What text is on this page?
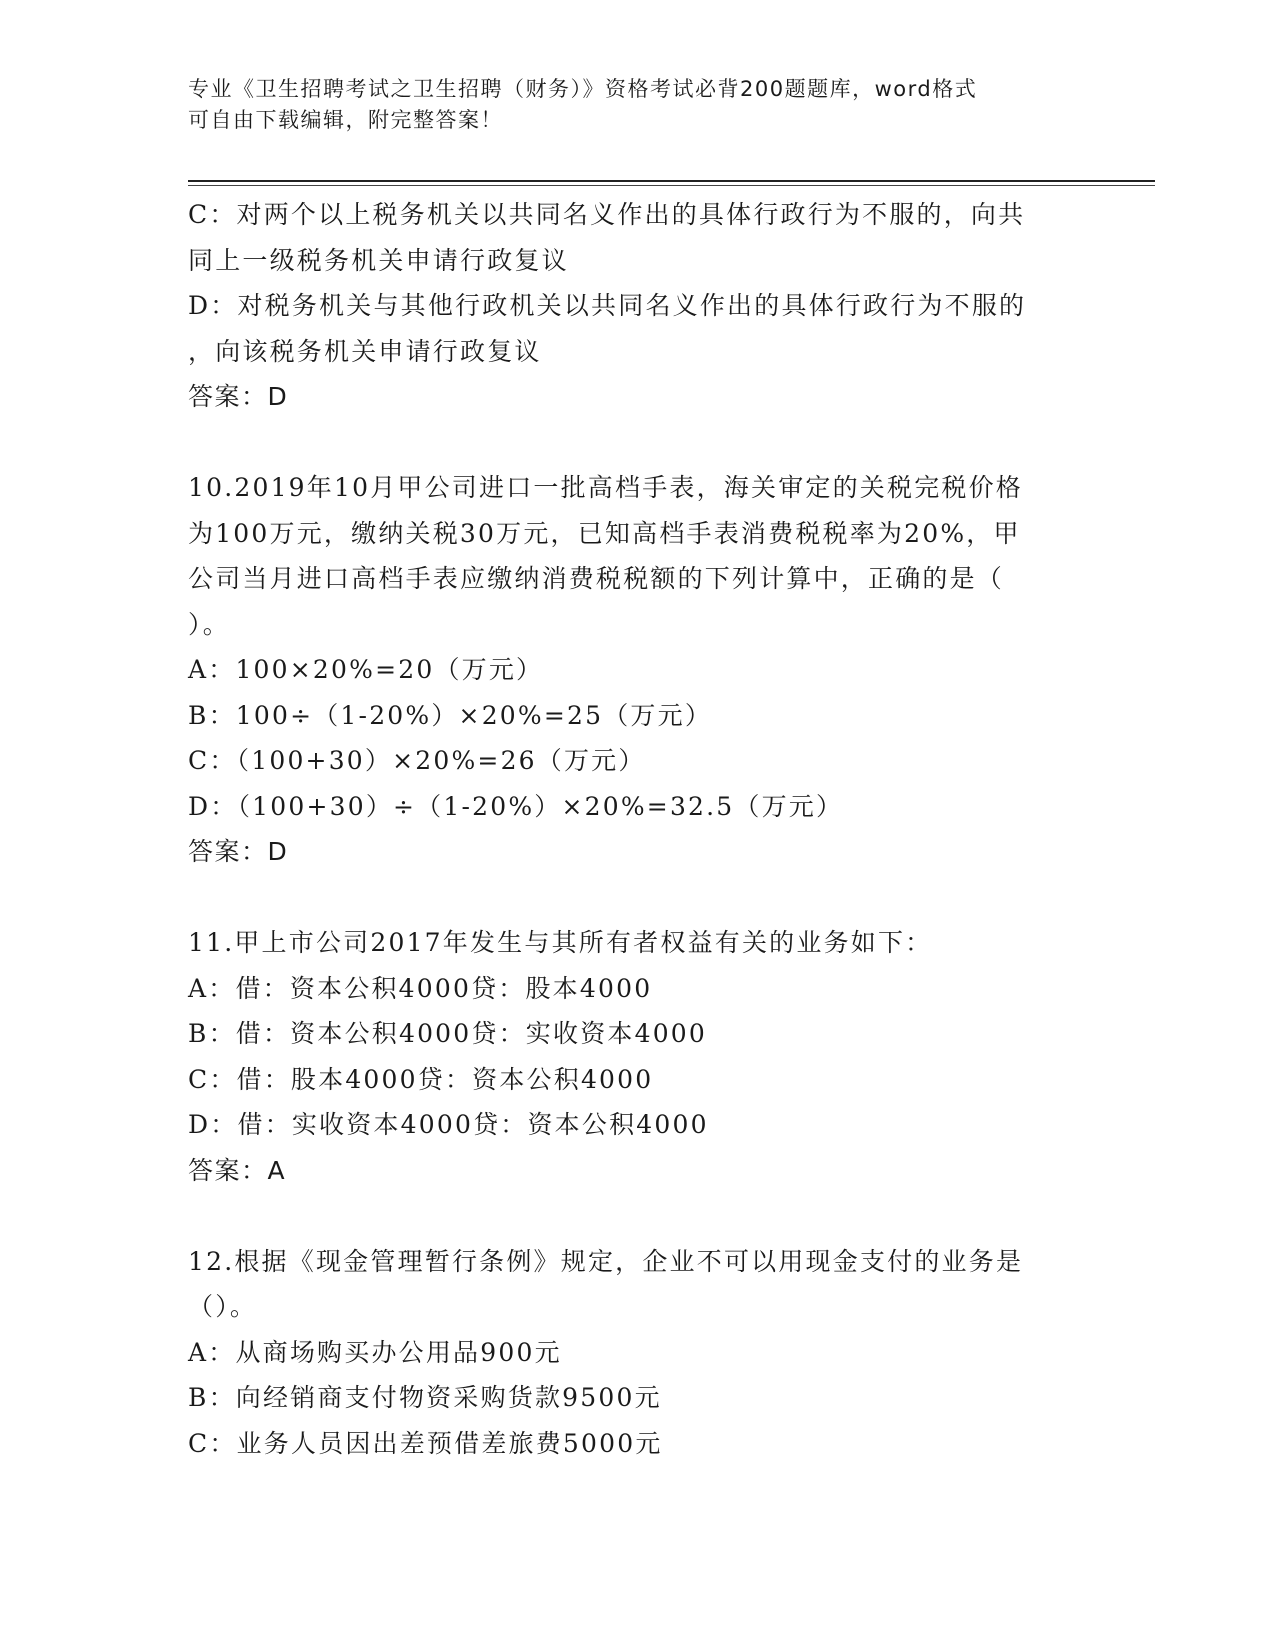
专业《卫生招聘考试之卫生招聘（财务）》资格考试必背200题题库，word格式
可自由下载编辑，附完整答案！
C：对两个以上税务机关以共同名义作出的具体行政行为不服的，向共
同上一级税务机关申请行政复议
D：对税务机关与其他行政机关以共同名义作出的具体行政行为不服的
，向该税务机关申请行政复议
答案：D
10.2019年10月甲公司进口一批高档手表，海关审定的关税完税价格
为100万元，缴纳关税30万元，已知高档手表消费税税率为20%，甲
公司当月进口高档手表应缴纳消费税税额的下列计算中，正确的是（
）。
A：100×20%=20（万元）
B：100÷（1-20%）×20%=25（万元）
C：（100+30）×20%=26（万元）
D：（100+30）÷（1-20%）×20%=32.5（万元）
答案：D
11.甲上市公司2017年发生与其所有者权益有关的业务如下：
A：借：资本公积4000贷：股本4000
B：借：资本公积4000贷：实收资本4000
C：借：股本4000贷：资本公积4000
D：借：实收资本4000贷：资本公积4000
答案：A
12.根据《现金管理暂行条例》规定，企业不可以用现金支付的业务是
（）。
A：从商场购买办公用品900元
B：向经销商支付物资采购货款9500元
C：业务人员因出差预借差旅费5000元
